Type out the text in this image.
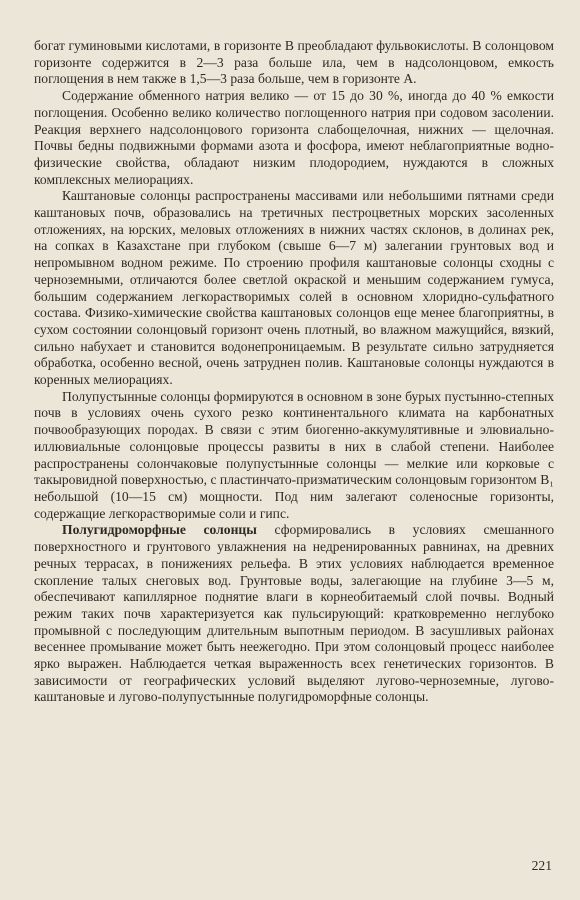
богат гуминовыми кислотами, в горизонте B преобладают фульвокислоты. В солонцовом горизонте содержится в 2—3 раза больше ила, чем в надсолонцовом, емкость поглощения в нем также в 1,5—3 раза больше, чем в горизонте A.

Содержание обменного натрия велико — от 15 до 30 %, иногда до 40 % емкости поглощения. Особенно велико количество поглощенного натрия при содовом засолении. Реакция верхнего надсолонцового горизонта слабощелочная, нижних — щелочная. Почвы бедны подвижными формами азота и фосфора, имеют неблагоприятные водно-физические свойства, обладают низким плодородием, нуждаются в сложных комплексных мелиорациях.

Каштановые солонцы распространены массивами или небольшими пятнами среди каштановых почв, образовались на третичных пестроцветных морских засоленных отложениях, на юрских, меловых отложениях в нижних частях склонов, в долинах рек, на сопках в Казахстане при глубоком (свыше 6—7 м) залегании грунтовых вод и непромывном водном режиме. По строению профиля каштановые солонцы сходны с черноземными, отличаются более светлой окраской и меньшим содержанием гумуса, большим содержанием легкорастворимых солей в основном хлоридно-сульфатного состава. Физико-химические свойства каштановых солонцов еще менее благоприятны, в сухом состоянии солонцовый горизонт очень плотный, во влажном мажущийся, вязкий, сильно набухает и становится водонепроницаемым. В результате сильно затрудняется обработка, особенно весной, очень затруднен полив. Каштановые солонцы нуждаются в коренных мелиорациях.

Полупустынные солонцы формируются в основном в зоне бурых пустынно-степных почв в условиях очень сухого резко континентального климата на карбонатных почвообразующих породах. В связи с этим биогенно-аккумулятивные и элювиально-иллювиальные солонцовые процессы развиты в них в слабой степени. Наиболее распространены солончаковые полупустынные солонцы — мелкие или корковые с такыровидной поверхностью, с пластинчато-призматическим солонцовым горизонтом B₁ небольшой (10—15 см) мощности. Под ним залегают соленосные горизонты, содержащие легкорастворимые соли и гипс.

Полугидроморфные солонцы сформировались в условиях смешанного поверхностного и грунтового увлажнения на недренированных равнинах, на древних речных террасах, в понижениях рельефа. В этих условиях наблюдается временное скопление талых снеговых вод. Грунтовые воды, залегающие на глубине 3—5 м, обеспечивают капиллярное поднятие влаги в корнеобитаемый слой почвы. Водный режим таких почв характеризуется как пульсирующий: кратковременно неглубоко промывной с последующим длительным выпотным периодом. В засушливых районах весеннее промывание может быть неежегодно. При этом солонцовый процесс наиболее ярко выражен. Наблюдается четкая выраженность всех генетических горизонтов. В зависимости от географических условий выделяют лугово-черноземные, лугово-каштановые и лугово-полупустынные полугидроморфные солонцы.

221
